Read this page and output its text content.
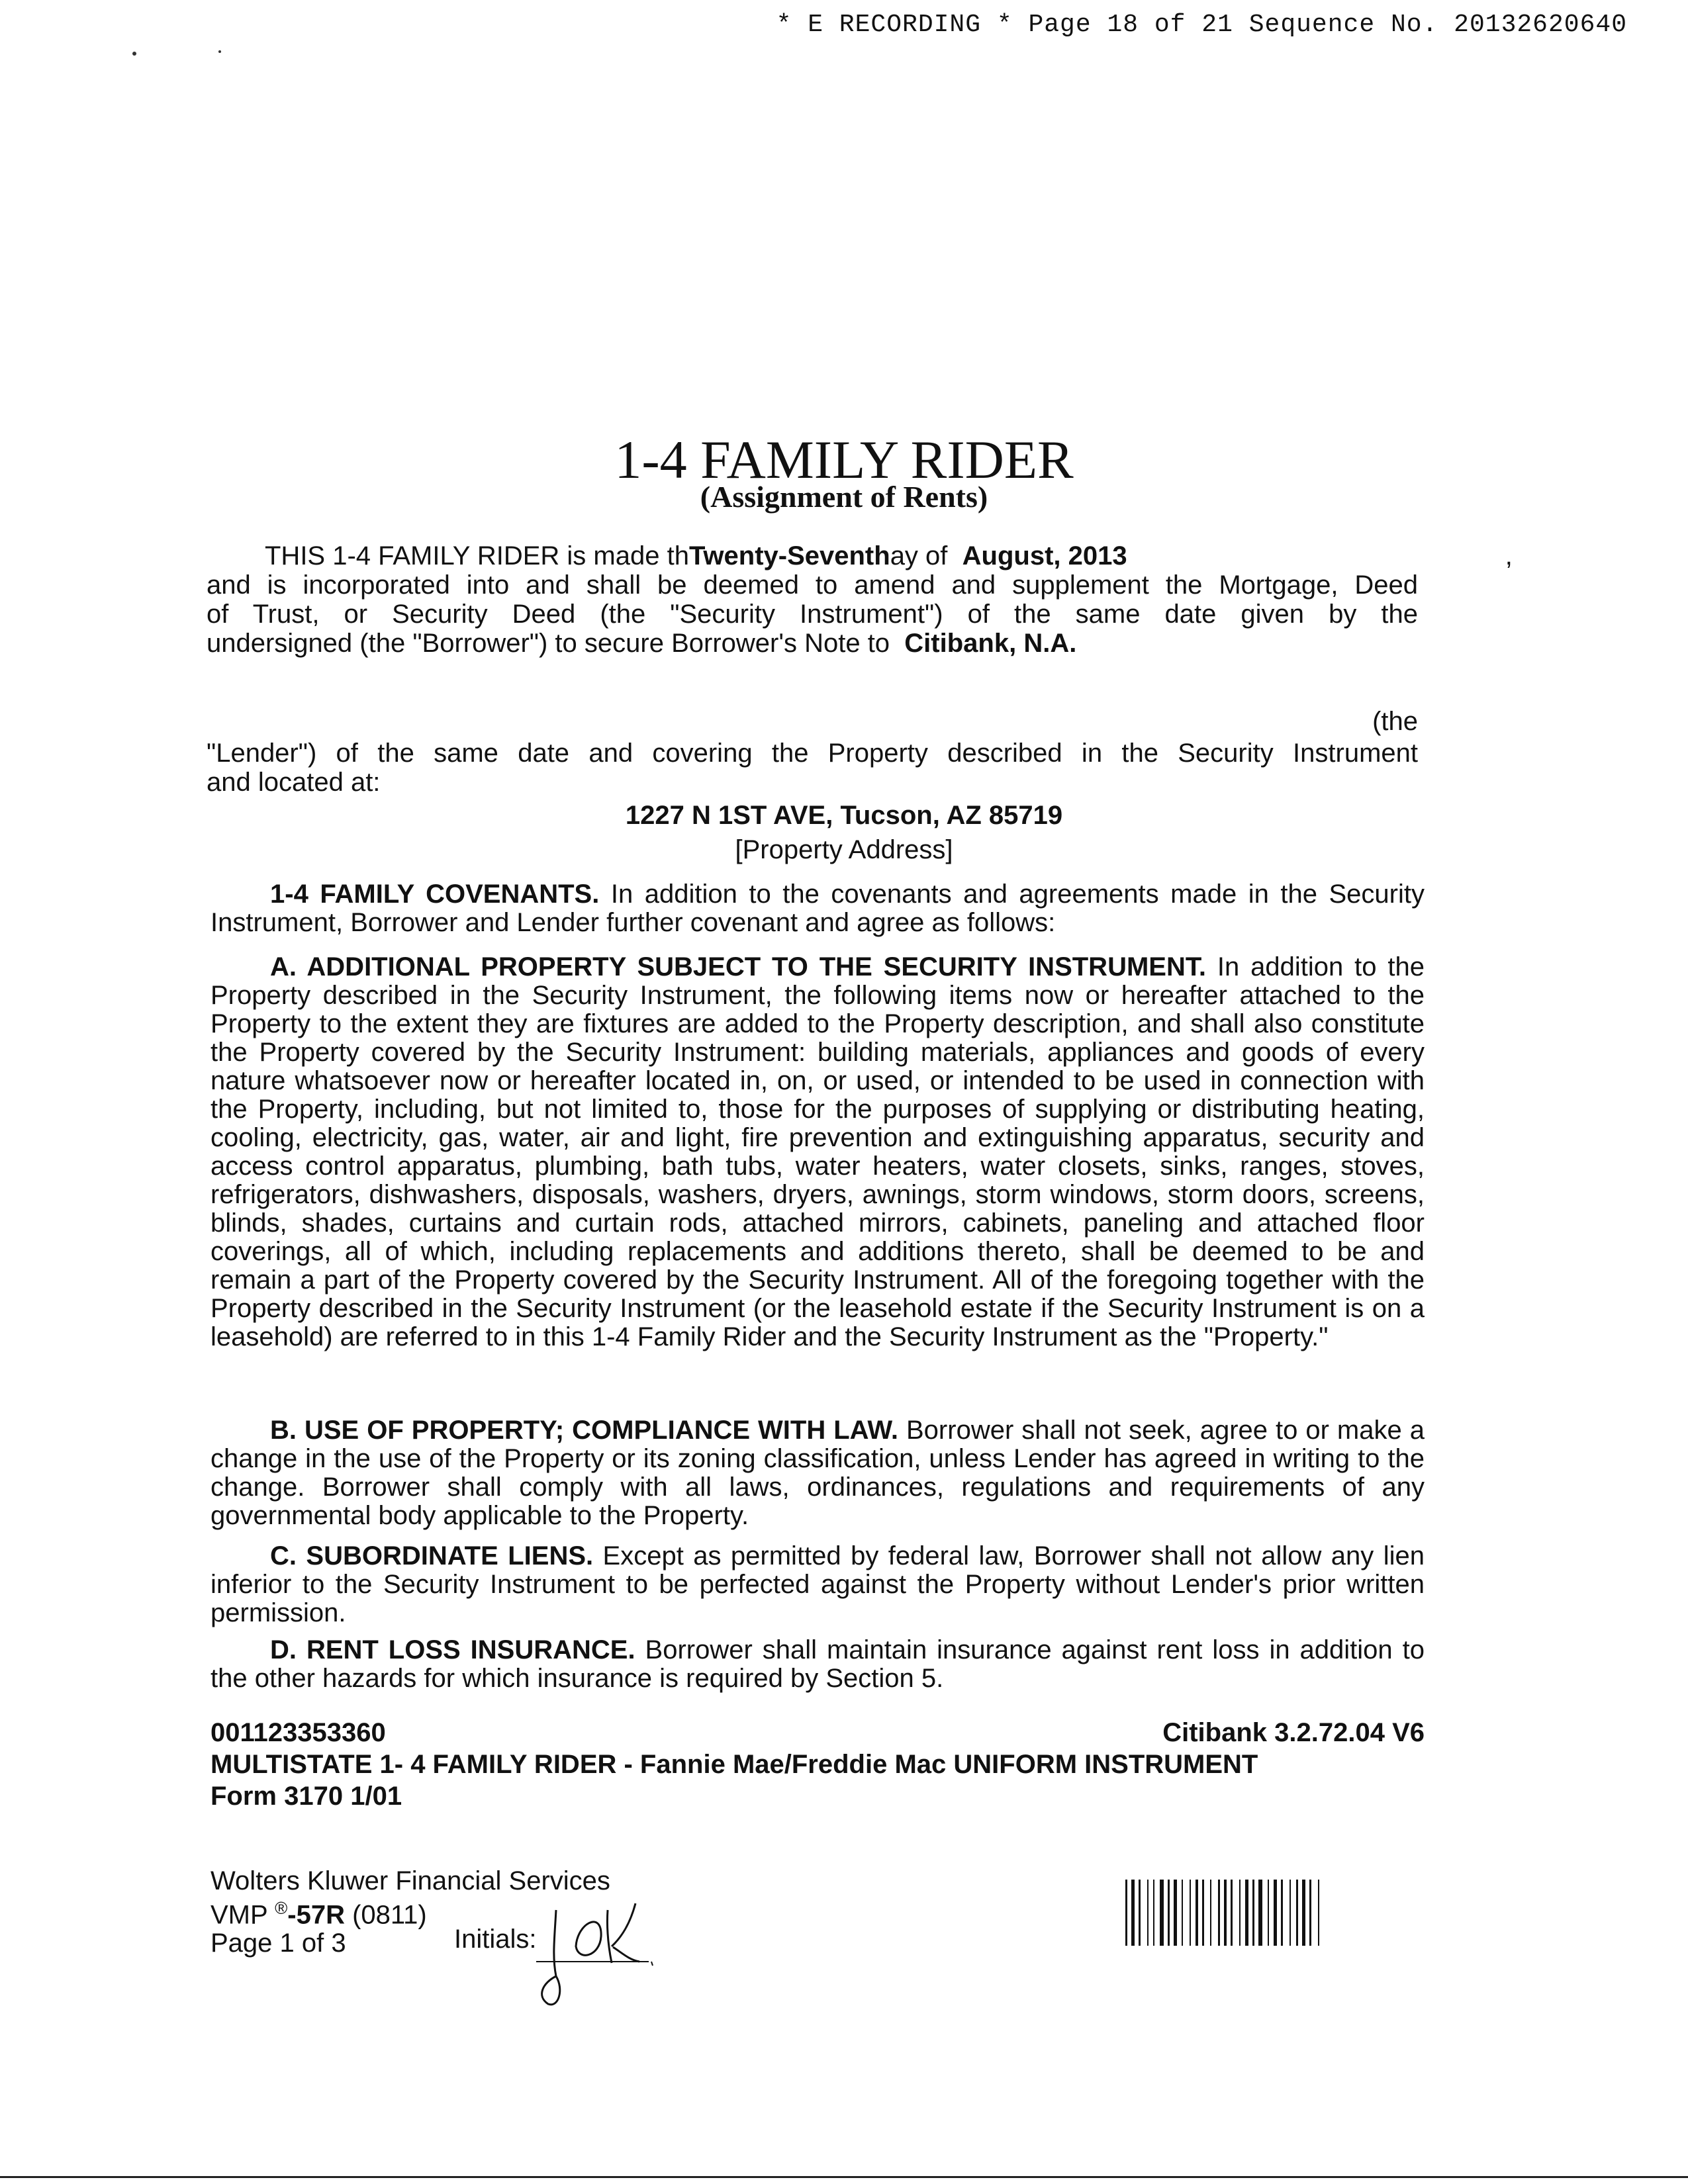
* E RECORDING * Page 18 of 21 Sequence No. 20132620640
1-4 FAMILY RIDER
(Assignment of Rents)
THIS 1-4 FAMILY RIDER is made thTwenty-Seventhay of August, 2013	,
and is incorporated into and shall be deemed to amend and supplement the Mortgage, Deed
of Trust, or Security Deed (the "Security Instrument") of the same date given by the
undersigned (the "Borrower") to secure Borrower's Note to Citibank, N.A.
(the
"Lender") of the same date and covering the Property described in the Security Instrument
and located at:
1227 N 1ST AVE, Tucson, AZ 85719
[Property Address]
1-4 FAMILY COVENANTS. In addition to the covenants and agreements made in the Security Instrument, Borrower and Lender further covenant and agree as follows:
A. ADDITIONAL PROPERTY SUBJECT TO THE SECURITY INSTRUMENT. In addition to the Property described in the Security Instrument, the following items now or hereafter attached to the Property to the extent they are fixtures are added to the Property description, and shall also constitute the Property covered by the Security Instrument: building materials, appliances and goods of every nature whatsoever now or hereafter located in, on, or used, or intended to be used in connection with the Property, including, but not limited to, those for the purposes of supplying or distributing heating, cooling, electricity, gas, water, air and light, fire prevention and extinguishing apparatus, security and access control apparatus, plumbing, bath tubs, water heaters, water closets, sinks, ranges, stoves, refrigerators, dishwashers, disposals, washers, dryers, awnings, storm windows, storm doors, screens, blinds, shades, curtains and curtain rods, attached mirrors, cabinets, paneling and attached floor coverings, all of which, including replacements and additions thereto, shall be deemed to be and remain a part of the Property covered by the Security Instrument. All of the foregoing together with the Property described in the Security Instrument (or the leasehold estate if the Security Instrument is on a leasehold) are referred to in this 1-4 Family Rider and the Security Instrument as the "Property."
B. USE OF PROPERTY; COMPLIANCE WITH LAW. Borrower shall not seek, agree to or make a change in the use of the Property or its zoning classification, unless Lender has agreed in writing to the change. Borrower shall comply with all laws, ordinances, regulations and requirements of any governmental body applicable to the Property.
C. SUBORDINATE LIENS. Except as permitted by federal law, Borrower shall not allow any lien inferior to the Security Instrument to be perfected against the Property without Lender's prior written permission.
D. RENT LOSS INSURANCE. Borrower shall maintain insurance against rent loss in addition to the other hazards for which insurance is required by Section 5.
001123353360	Citibank 3.2.72.04 V6
MULTISTATE 1- 4 FAMILY RIDER - Fannie Mae/Freddie Mac UNIFORM INSTRUMENT
Form 3170 1/01
Wolters Kluwer Financial Services
VMP ®-57R (0811)
Page 1 of 3	Initials:
